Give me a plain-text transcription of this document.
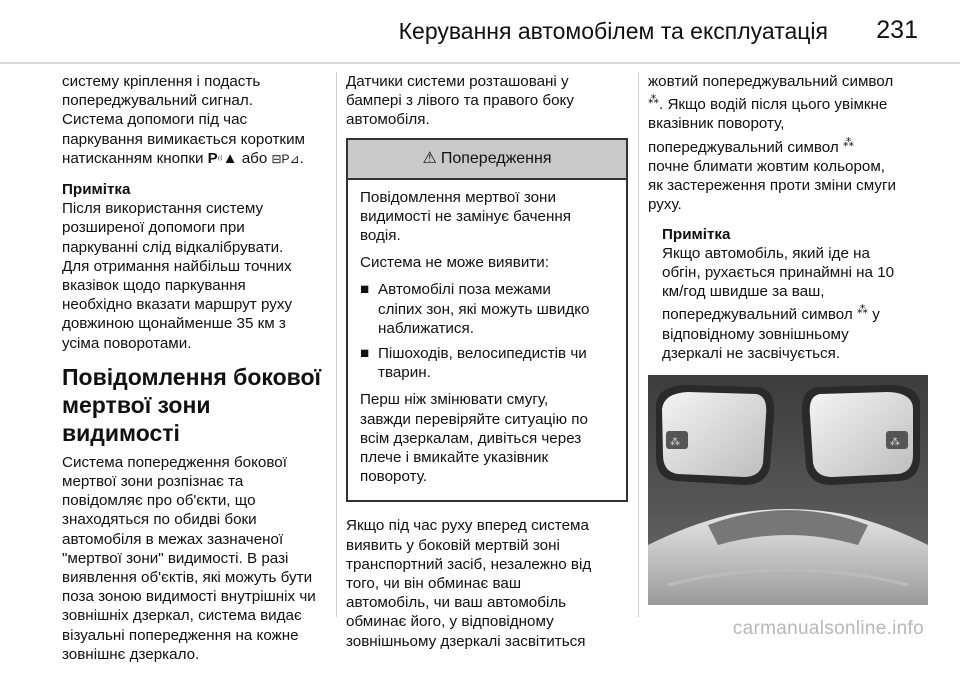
Керування автомобілем та експлуатація 231

систему кріплення і подасть
попереджувальний сигнал.
Система допомоги під час
паркування вимикається коротким
натисканням кнопки P⁽⁽▲ або ⊟P⊿.

Примітка

Після використання систему
розширеної допомоги при
паркуванні слід відкалібрувати.
Для отримання найбільш точних
вказівок щодо паркування
необхідно вказати маршрут руху
довжиною щонайменше 35 км з
усіма поворотами.

Повідомлення бокової
мертвої зони видимості

Система попередження бокової
мертвої зони розпізнає та
повідомляє про об'єкти, що
знаходяться по обидві боки
автомобіля в межах зазначеної
"мертвої зони" видимості. В разі
виявлення об'єктів, які можуть бути
поза зоною видимості внутрішніх чи
зовнішніх дзеркал, система видає
візуальні попередження на кожне
зовнішнє дзеркало.

Датчики системи розташовані у
бампері з лівого та правого боку
автомобіля.

⚠ Попередження

Повідомлення мертвої зони
видимості не замінує бачення
водія.

Система не може виявити:

■ Автомобілі поза межами
сліпих зон, які можуть швидко
наближатися.
■ Пішоходів, велосипедистів чи
тварин.

Перш ніж змінювати смугу,
завжди перевіряйте ситуацію по
всім дзеркалам, дивіться через
плече і вмикайте указівник
повороту.

Якщо під час руху вперед система
виявить у боковій мертвій зоні
транспортний засіб, незалежно від
того, чи він обминає ваш
автомобіль, чи ваш автомобіль
обминає його, у відповідному
зовнішньому дзеркалі засвітиться

жовтий попереджувальний символ
⁂. Якщо водій після цього увімкне
вказівник повороту,
попереджувальний символ ⁂
почне блимати жовтим кольором,
як застереження проти зміни смуги
руху.

Примітка

Якщо автомобіль, який іде на
обгін, рухається принаймні на 10
км/год швидше за ваш,
попереджувальний символ ⁂ у
відповідному зовнішньому
дзеркалі не засвічується.

⁂	⁂
carmanualsonline.info
